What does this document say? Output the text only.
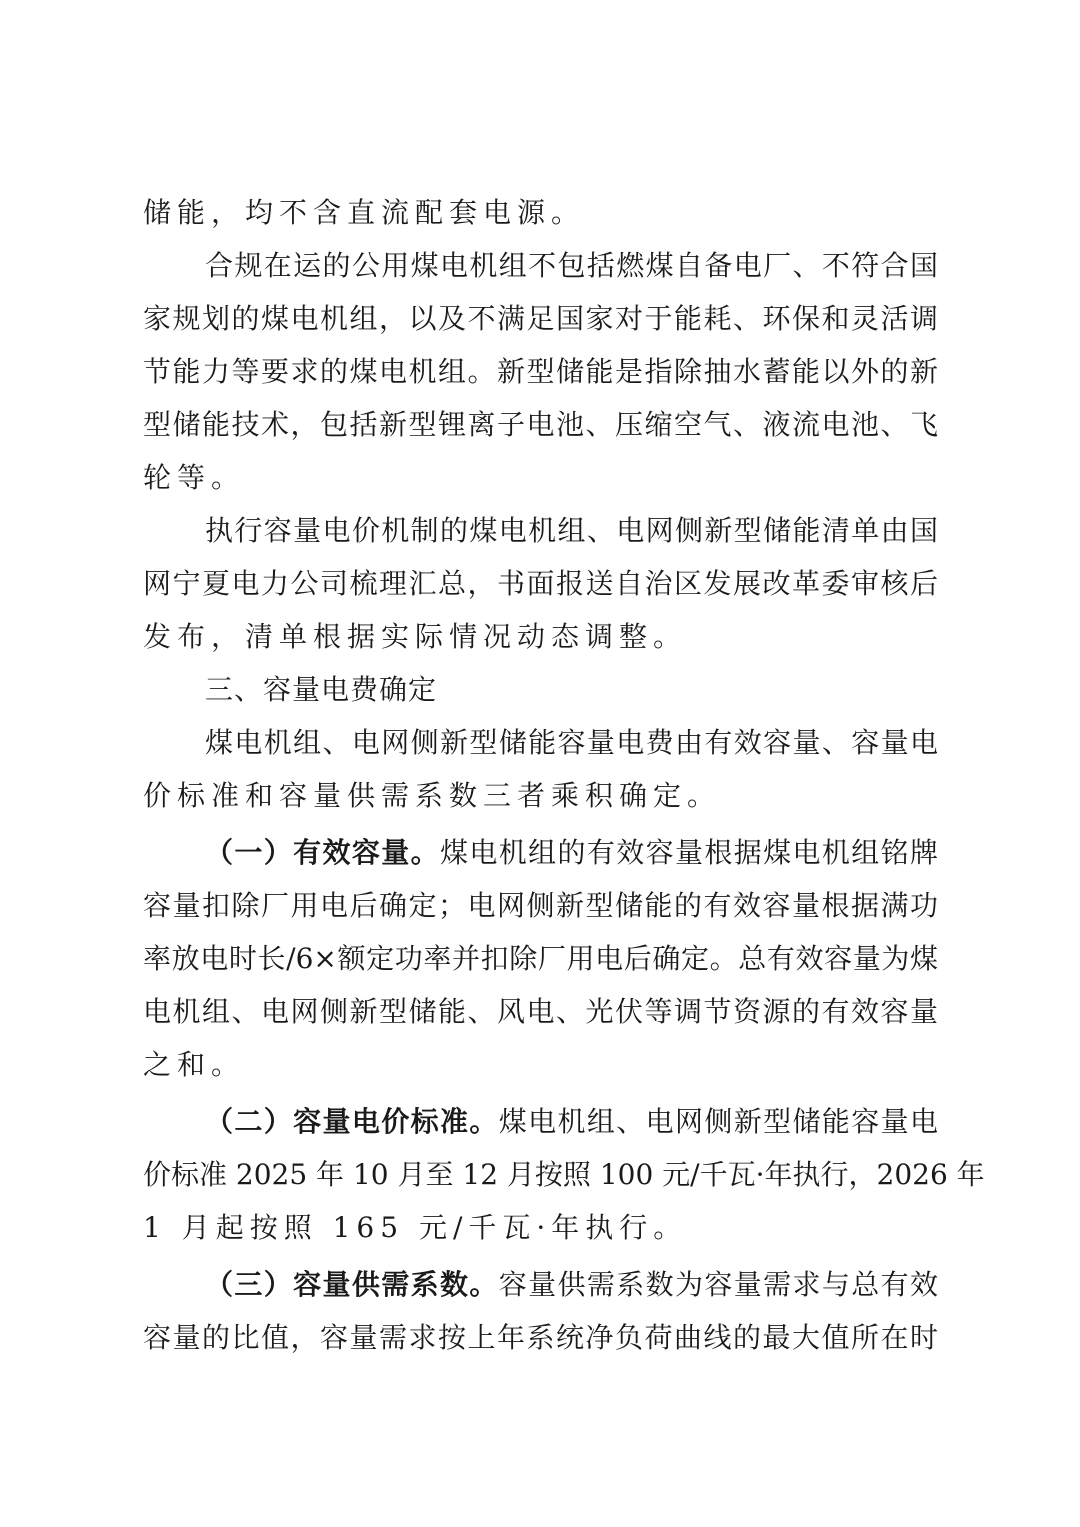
储能，均不含直流配套电源。
合规在运的公用煤电机组不包括燃煤自备电厂、不符合国
家规划的煤电机组，以及不满足国家对于能耗、环保和灵活调
节能力等要求的煤电机组。新型储能是指除抽水蓄能以外的新
型储能技术，包括新型锂离子电池、压缩空气、液流电池、飞
轮等。
执行容量电价机制的煤电机组、电网侧新型储能清单由国
网宁夏电力公司梳理汇总，书面报送自治区发展改革委审核后
发布，清单根据实际情况动态调整。
三、容量电费确定
煤电机组、电网侧新型储能容量电费由有效容量、容量电
价标准和容量供需系数三者乘积确定。
（一）有效容量。煤电机组的有效容量根据煤电机组铭牌
容量扣除厂用电后确定；电网侧新型储能的有效容量根据满功
率放电时长/6×额定功率并扣除厂用电后确定。总有效容量为煤
电机组、电网侧新型储能、风电、光伏等调节资源的有效容量
之和。
（二）容量电价标准。煤电机组、电网侧新型储能容量电
价标准 2025 年 10 月至 12 月按照 100 元/千瓦·年执行，2026 年
1 月起按照 165 元/千瓦·年执行。
（三）容量供需系数。容量供需系数为容量需求与总有效
容量的比值，容量需求按上年系统净负荷曲线的最大值所在时
